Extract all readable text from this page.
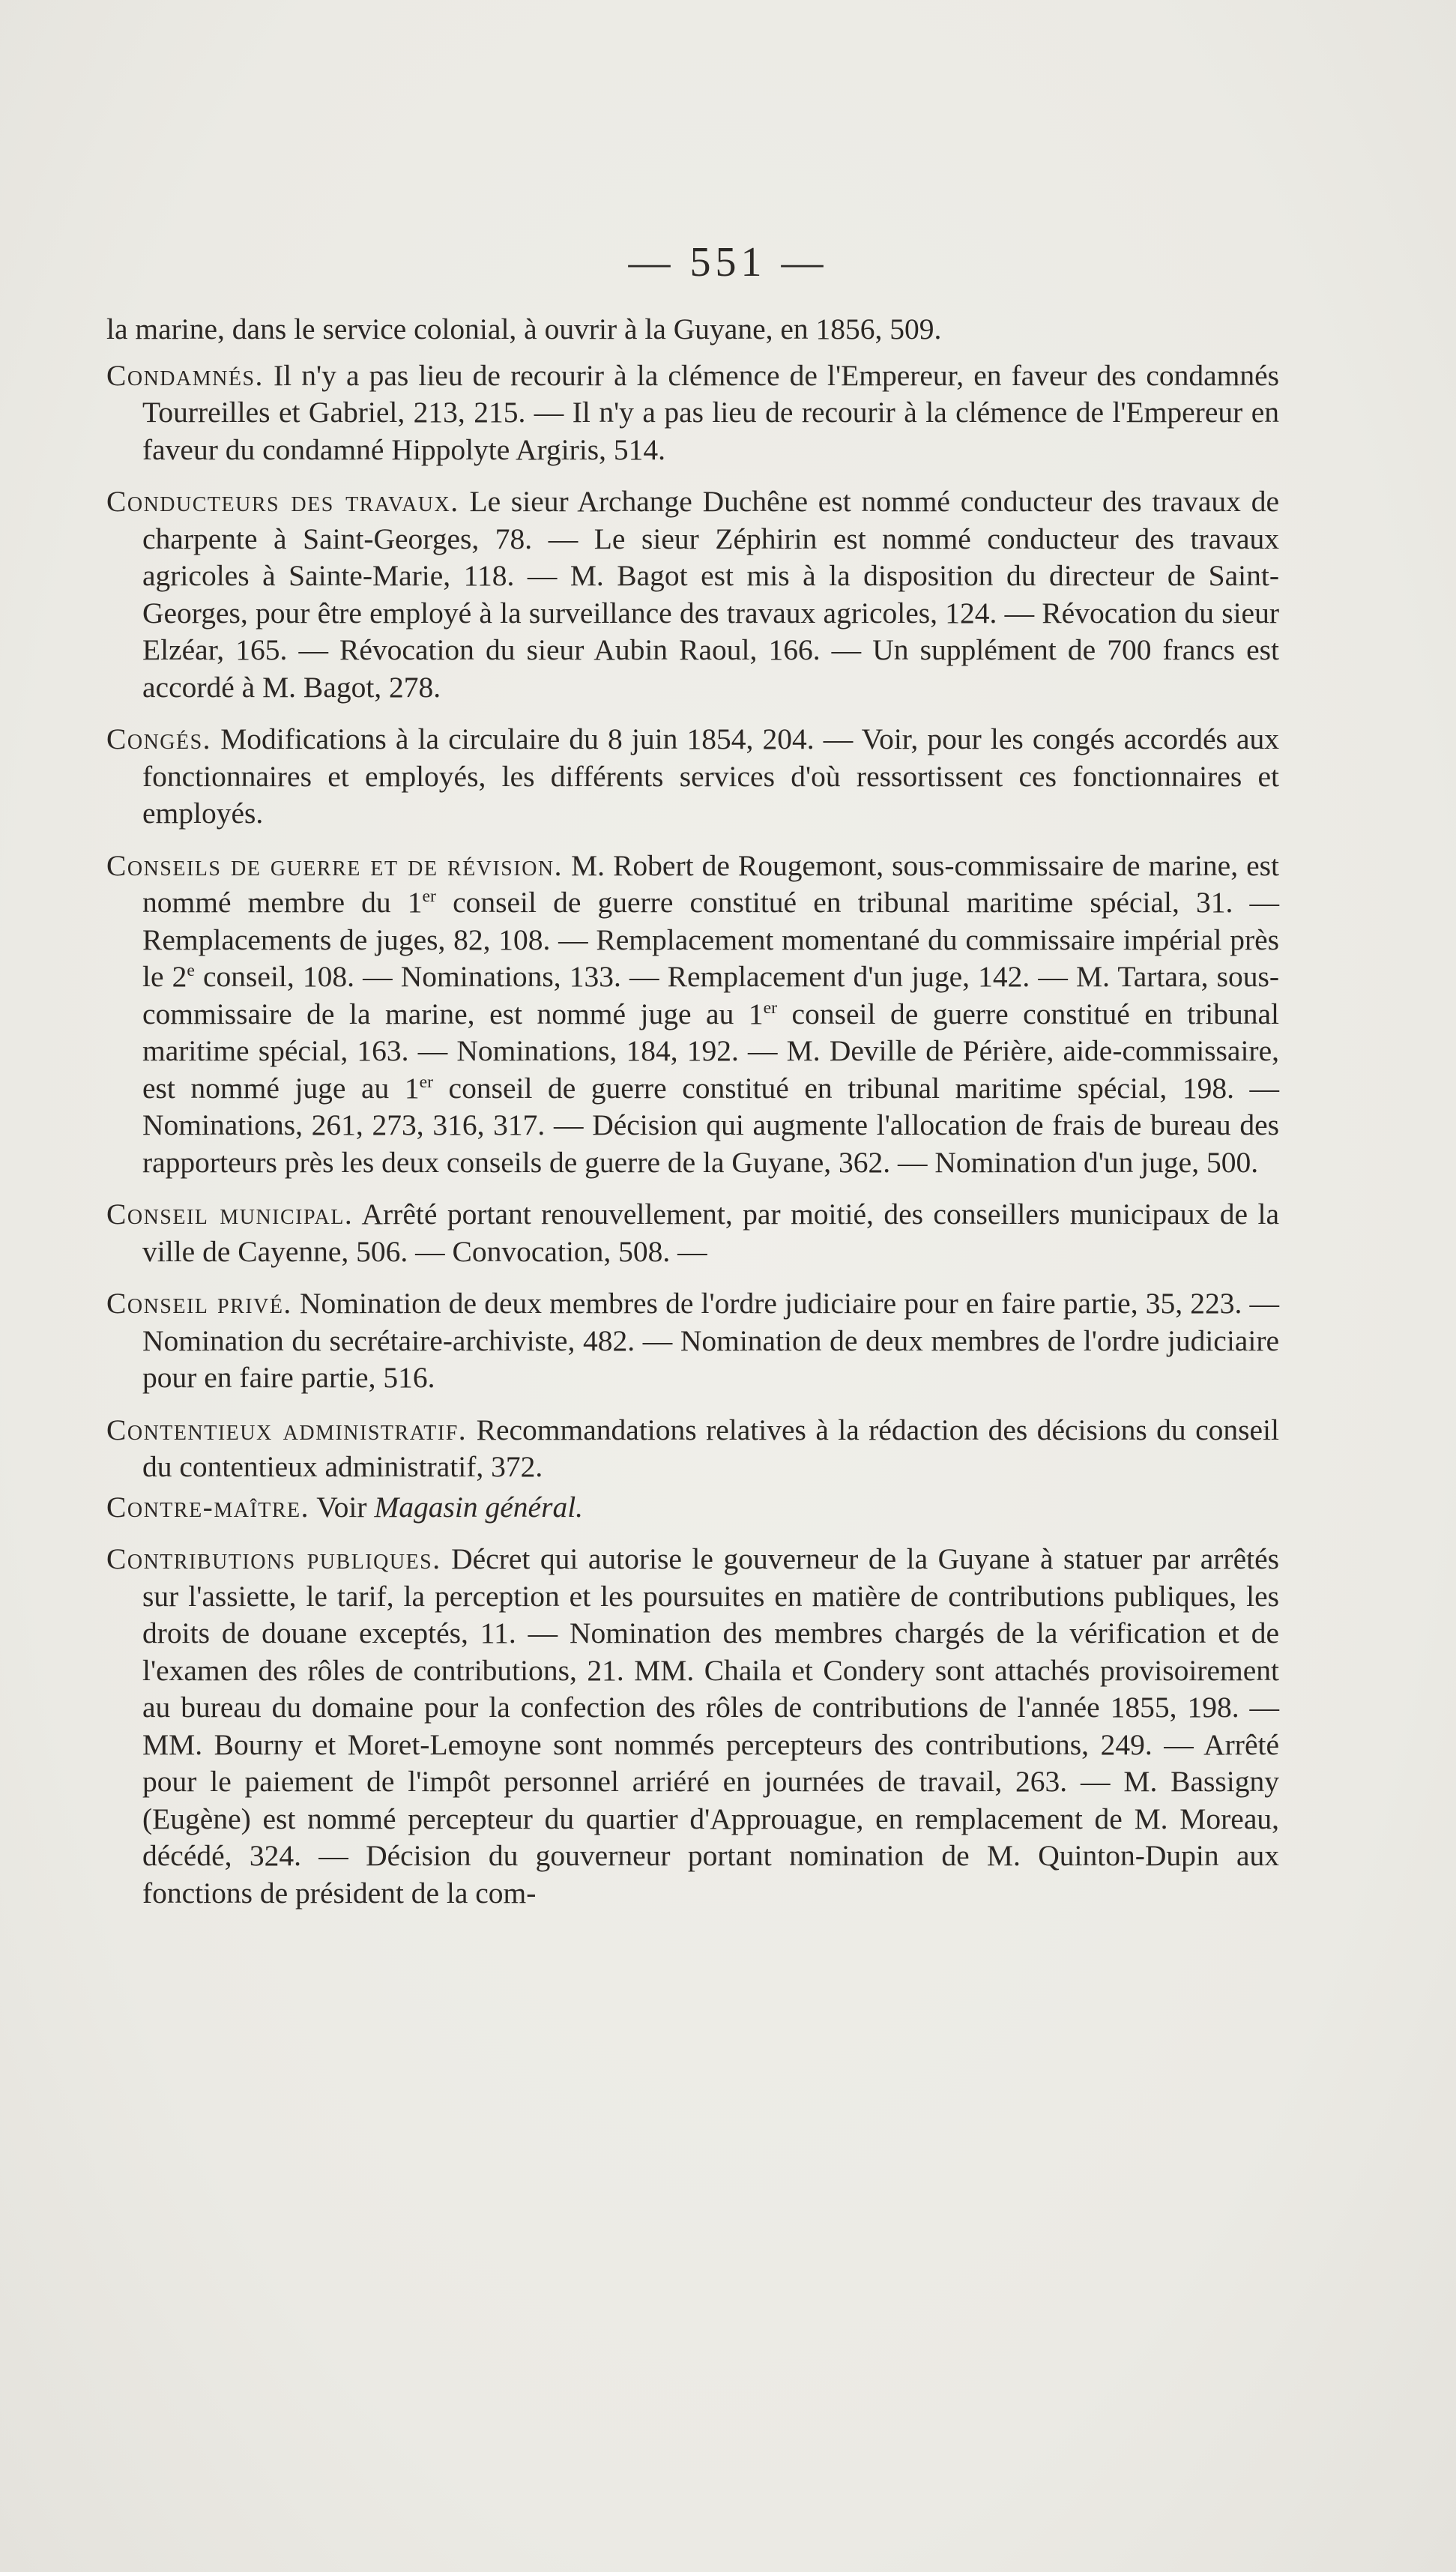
— 551 —

la marine, dans le service colonial, à ouvrir à la Guyane, en 1856, 509.

Condamnés. Il n'y a pas lieu de recourir à la clémence de l'Empereur, en faveur des condamnés Tourreilles et Gabriel, 213, 215. — Il n'y a pas lieu de recourir à la clémence de l'Empereur en faveur du condamné Hippolyte Argiris, 514.

Conducteurs des travaux. Le sieur Archange Duchêne est nommé conducteur des travaux de charpente à Saint-Georges, 78. — Le sieur Zéphirin est nommé conducteur des travaux agricoles à Sainte-Marie, 118. — M. Bagot est mis à la disposition du directeur de Saint-Georges, pour être employé à la surveillance des travaux agricoles, 124. — Révocation du sieur Elzéar, 165. — Révocation du sieur Aubin Raoul, 166. — Un supplément de 700 francs est accordé à M. Bagot, 278.

Congés. Modifications à la circulaire du 8 juin 1854, 204. — Voir, pour les congés accordés aux fonctionnaires et employés, les différents services d'où ressortissent ces fonctionnaires et employés.

Conseils de guerre et de révision. M. Robert de Rougemont, sous-commissaire de marine, est nommé membre du 1er conseil de guerre constitué en tribunal maritime spécial, 31. — Remplacements de juges, 82, 108. — Remplacement momentané du commissaire impérial près le 2e conseil, 108. — Nominations, 133. — Remplacement d'un juge, 142. — M. Tartara, sous-commissaire de la marine, est nommé juge au 1er conseil de guerre constitué en tribunal maritime spécial, 163. — Nominations, 184, 192. — M. Deville de Périère, aide-commissaire, est nommé juge au 1er conseil de guerre constitué en tribunal maritime spécial, 198. — Nominations, 261, 273, 316, 317. — Décision qui augmente l'allocation de frais de bureau des rapporteurs près les deux conseils de guerre de la Guyane, 362. — Nomination d'un juge, 500.

Conseil municipal. Arrêté portant renouvellement, par moitié, des conseillers municipaux de la ville de Cayenne, 506. — Convocation, 508. —

Conseil privé. Nomination de deux membres de l'ordre judiciaire pour en faire partie, 35, 223. — Nomination du secrétaire-archiviste, 482. — Nomination de deux membres de l'ordre judiciaire pour en faire partie, 516.

Contentieux administratif. Recommandations relatives à la rédaction des décisions du conseil du contentieux administratif, 372.

Contre-maître. Voir Magasin général.

Contributions publiques. Décret qui autorise le gouverneur de la Guyane à statuer par arrêtés sur l'assiette, le tarif, la perception et les poursuites en matière de contributions publiques, les droits de douane exceptés, 11. — Nomination des membres chargés de la vérification et de l'examen des rôles de contributions, 21. MM. Chaila et Condery sont attachés provisoirement au bureau du domaine pour la confection des rôles de contributions de l'année 1855, 198. — MM. Bourny et Moret-Lemoyne sont nommés percepteurs des contributions, 249. — Arrêté pour le paiement de l'impôt personnel arriéré en journées de travail, 263. — M. Bassigny (Eugène) est nommé percepteur du quartier d'Approuague, en remplacement de M. Moreau, décédé, 324. — Décision du gouverneur portant nomination de M. Quinton-Dupin aux fonctions de président de la com-
